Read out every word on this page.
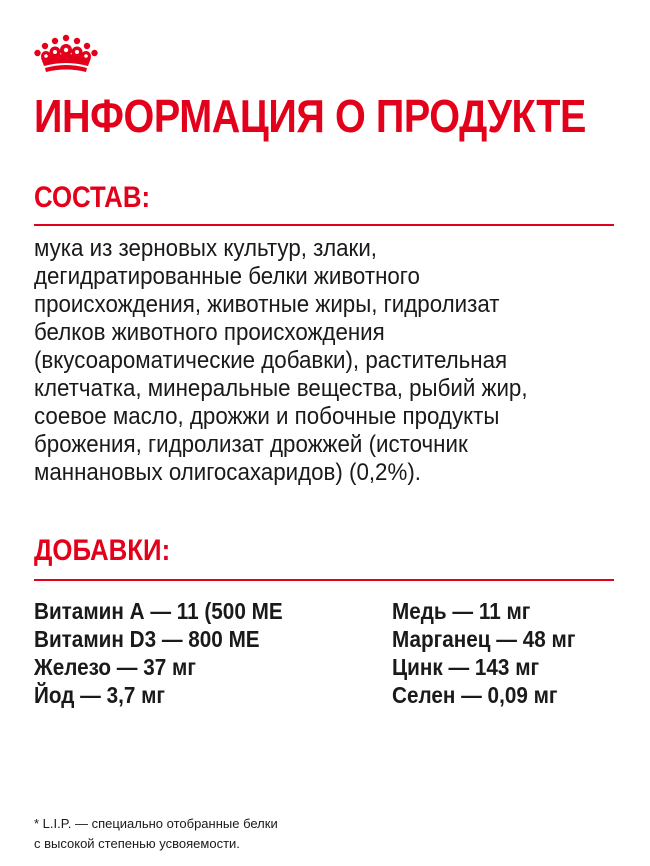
ИНФОРМАЦИЯ О ПРОДУКТЕ
СОСТАВ:
мука из зерновых культур, злаки,
дегидратированные белки животного
происхождения, животные жиры, гидролизат
белков животного происхождения
(вкусоароматические добавки), растительная
клетчатка, минеральные вещества, рыбий жир,
соевое масло, дрожжи и побочные продукты
брожения, гидролизат дрожжей (источник
маннановых олигосахаридов) (0,2%).
ДОБАВКИ:
Витамин А — 11 (500 МЕ
Витамин D3 — 800 МЕ
Железо — 37 мг
Йод — 3,7 мг
Медь — 11 мг
Марганец — 48 мг
Цинк — 143 мг
Селен — 0,09 мг
* L.I.P. — специально отобранные белки
с высокой степенью усвояемости.
